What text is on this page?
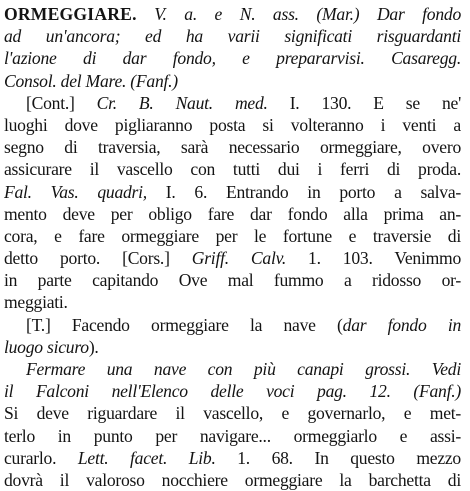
ORMEGGIARE. V. a. e N. ass. (Mar.) Dar fondo
ad un'ancora; ed ha varii significati risguardanti
l'azione di dar fondo, e prepararvisi. Casaregg.
Consol. del Mare. (Fanf.)
[Cont.] Cr. B. Naut. med. I. 130. E se ne'
luoghi dove pigliaranno posta si volteranno i venti a
segno di traversia, sarà necessario ormeggiare, overo
assicurare il vascello con tutti dui i ferri di proda.
Fal. Vas. quadri, I. 6. Entrando in porto a salva-
mento deve per obligo fare dar fondo alla prima an-
cora, e fare ormeggiare per le fortune e traversie di
detto porto. [Cors.] Griff. Calv. 1. 103. Venimmo
in parte capitando Ove mal fummo a ridosso or-
meggiati.
[T.] Facendo ormeggiare la nave (dar fondo in
luogo sicuro).
Fermare una nave con più canapi grossi. Vedi
il Falconi nell'Elenco delle voci pag. 12. (Fanf.)
Si deve riguardare il vascello, e governarlo, e met-
terlo in punto per navigare... ormeggiarlo e assi-
curarlo. Lett. facet. Lib. 1. 68. In questo mezzo
dovrà il valoroso nocchiere ormeggiare la barchetta di
